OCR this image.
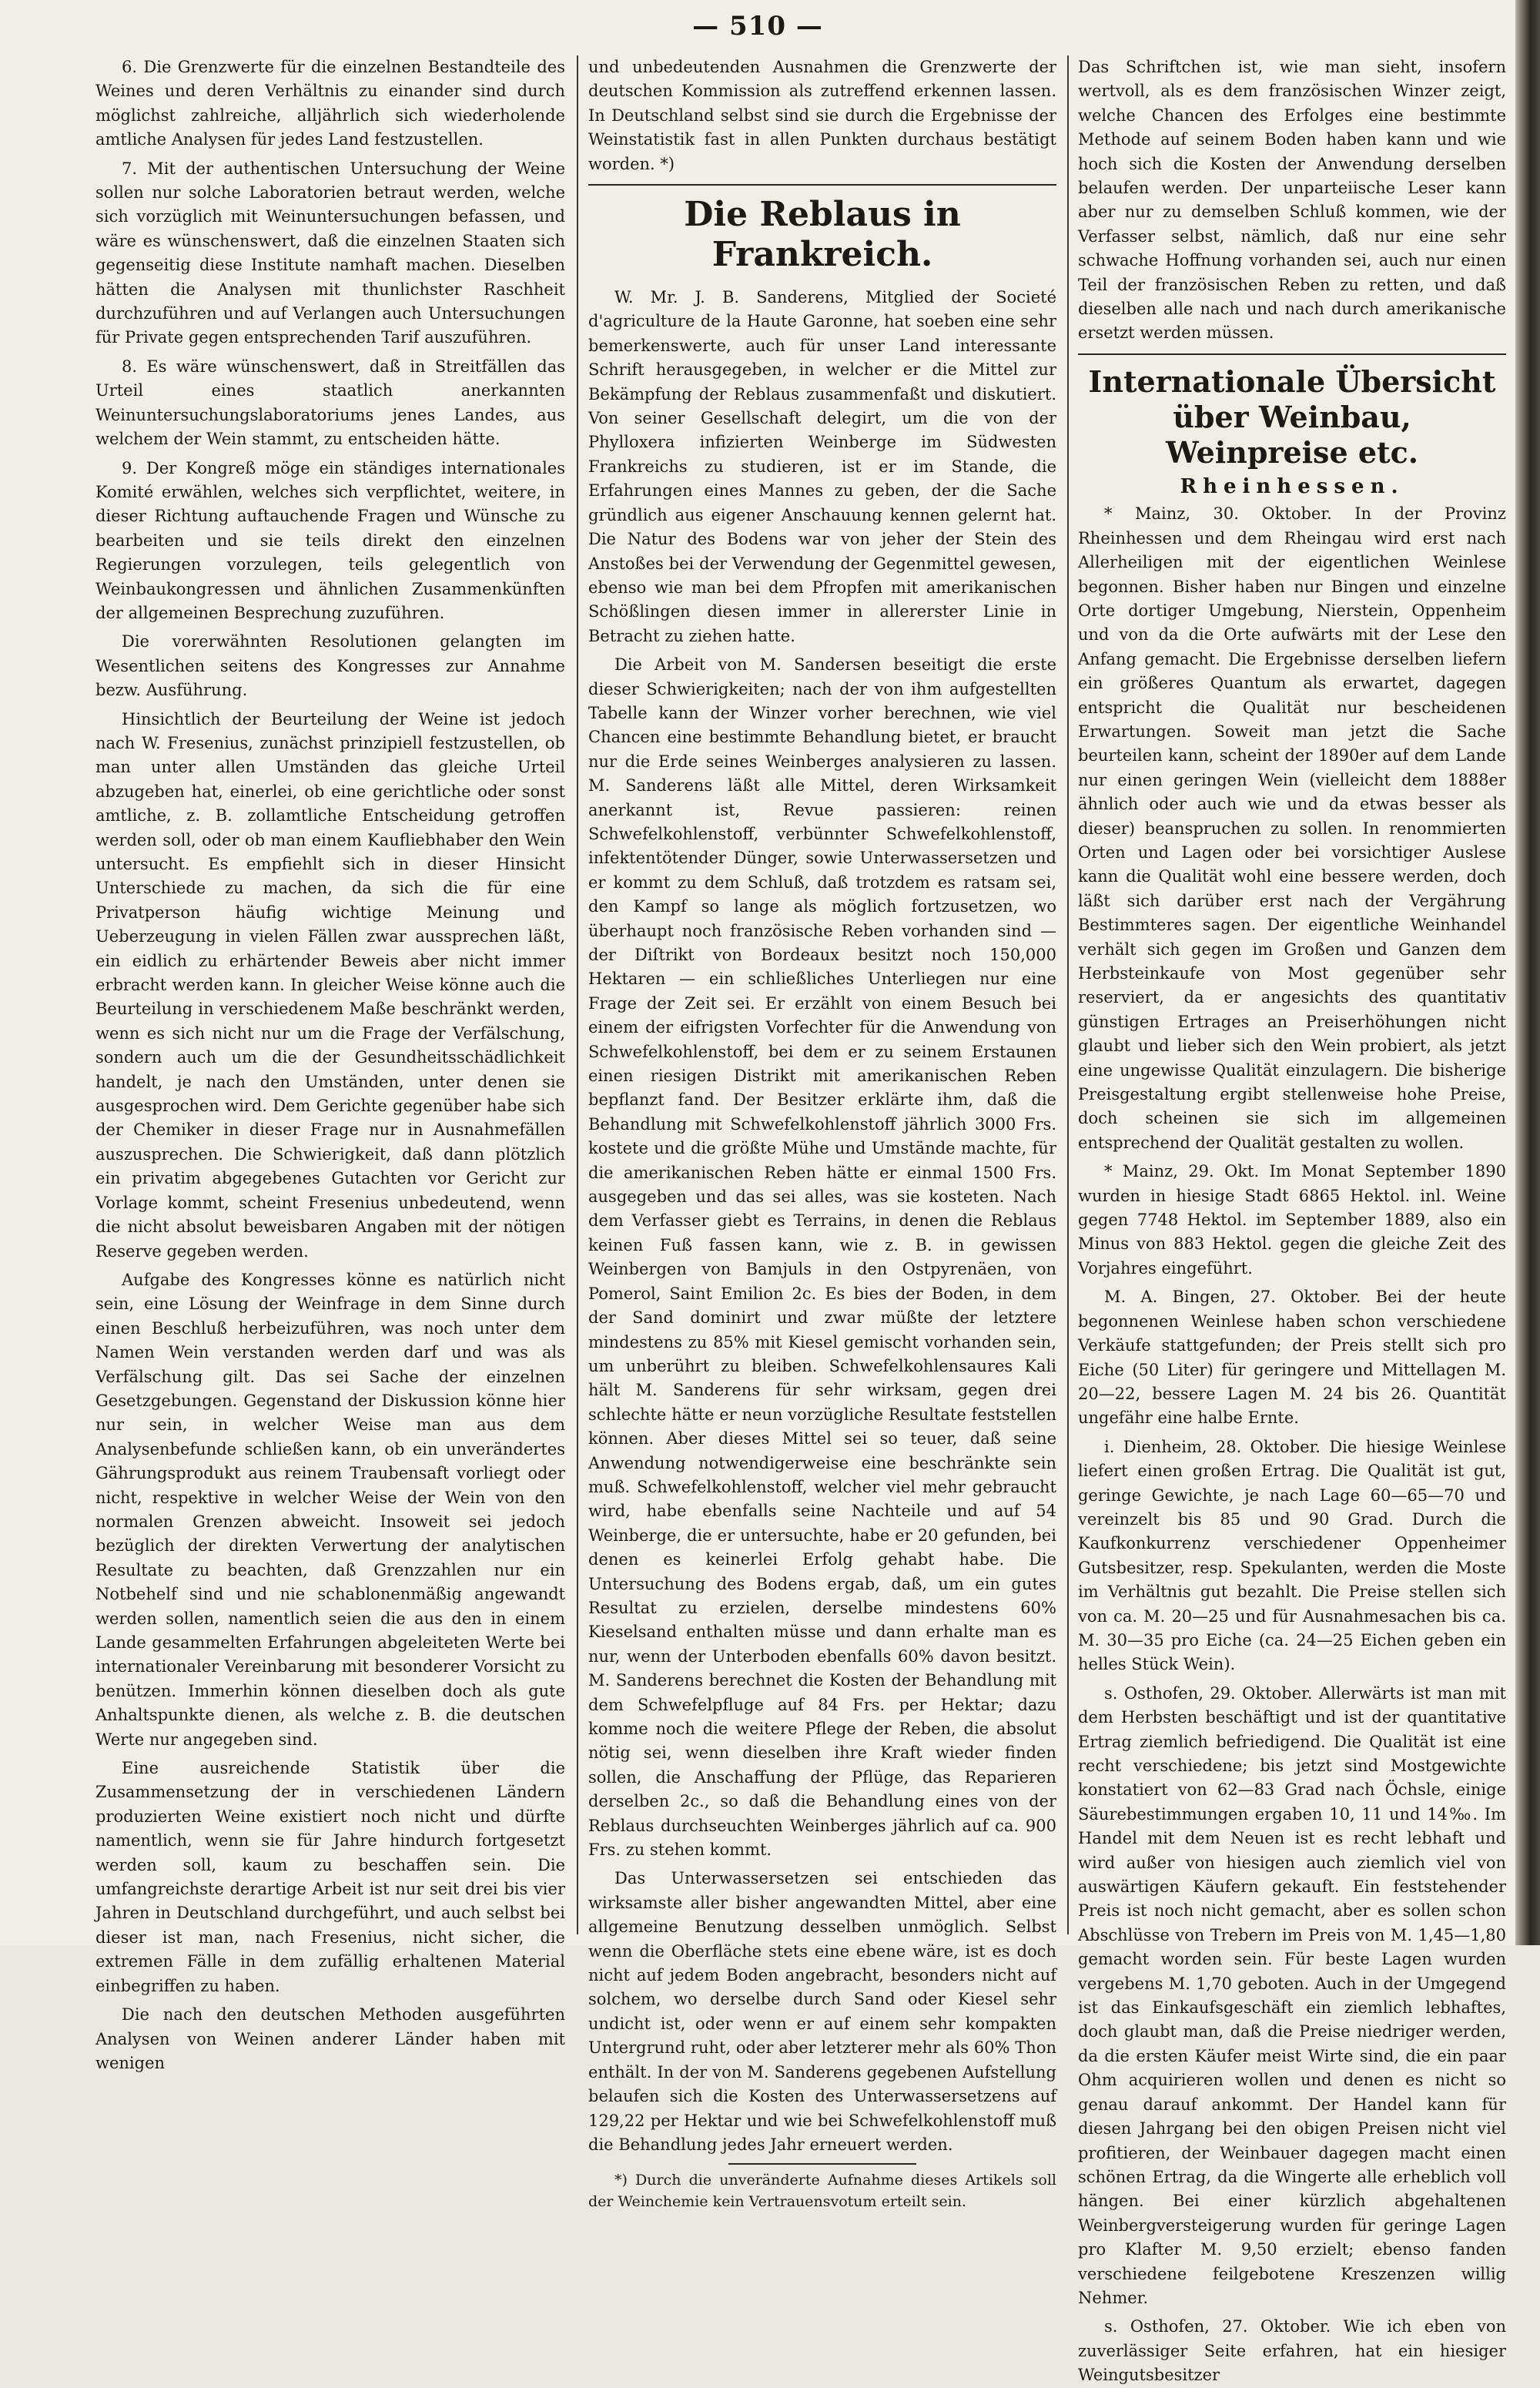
— 510 —

6. Die Grenzwerte für die einzelnen Bestandteile des Weines und deren Verhältnis zu einander sind durch möglichst zahlreiche, alljährlich sich wiederholende amtliche Analysen für jedes Land festzustellen.

7. Mit der authentischen Untersuchung der Weine sollen nur solche Laboratorien betraut werden, welche sich vorzüglich mit Weinuntersuchungen befassen, und wäre es wünschenswert, daß die einzelnen Staaten sich gegenseitig diese Institute namhaft machen. Dieselben hätten die Analysen mit thunlichster Raschheit durchzuführen und auf Verlangen auch Untersuchungen für Private gegen entsprechenden Tarif auszuführen.

8. Es wäre wünschenswert, daß in Streitfällen das Urteil eines staatlich anerkannten Weinuntersuchungslaboratoriums jenes Landes, aus welchem der Wein stammt, zu entscheiden hätte.

9. Der Kongreß möge ein ständiges internationales Komité erwählen, welches sich verpflichtet, weitere, in dieser Richtung auftauchende Fragen und Wünsche zu bearbeiten und sie teils direkt den einzelnen Regierungen vorzulegen, teils gelegentlich von Weinbaukongressen und ähnlichen Zusammenkünften der allgemeinen Besprechung zuzuführen.

Die vorerwähnten Resolutionen gelangten im Wesentlichen seitens des Kongresses zur Annahme bezw. Ausführung.

Hinsichtlich der Beurteilung der Weine ist jedoch nach W. Fresenius, zunächst prinzipiell festzustellen, ob man unter allen Umständen das gleiche Urteil abzugeben hat, einerlei, ob eine gerichtliche oder sonst amtliche, z. B. zollamtliche Entscheidung getroffen werden soll, oder ob man einem Kaufliebhaber den Wein untersucht. Es empfiehlt sich in dieser Hinsicht Unterschiede zu machen, da sich die für eine Privatperson häufig wichtige Meinung und Ueberzeugung in vielen Fällen zwar aussprechen läßt, ein eidlich zu erhärtender Beweis aber nicht immer erbracht werden kann. In gleicher Weise könne auch die Beurteilung in verschiedenem Maße beschränkt werden, wenn es sich nicht nur um die Frage der Verfälschung, sondern auch um die der Gesundheitsschädlichkeit handelt, je nach den Umständen, unter denen sie ausgesprochen wird. Dem Gerichte gegenüber habe sich der Chemiker in dieser Frage nur in Ausnahmefällen auszusprechen. Die Schwierigkeit, daß dann plötzlich ein privatim abgegebenes Gutachten vor Gericht zur Vorlage kommt, scheint Fresenius unbedeutend, wenn die nicht absolut beweisbaren Angaben mit der nötigen Reserve gegeben werden.

Aufgabe des Kongresses könne es natürlich nicht sein, eine Lösung der Weinfrage in dem Sinne durch einen Beschluß herbeizuführen, was noch unter dem Namen Wein verstanden werden darf und was als Verfälschung gilt. Das sei Sache der einzelnen Gesetzgebungen. Gegenstand der Diskussion könne hier nur sein, in welcher Weise man aus dem Analysenbefunde schließen kann, ob ein unverändertes Gährungsprodukt aus reinem Traubensaft vorliegt oder nicht, respektive in welcher Weise der Wein von den normalen Grenzen abweicht. Insoweit sei jedoch bezüglich der direkten Verwertung der analytischen Resultate zu beachten, daß Grenzzahlen nur ein Notbehelf sind und nie schablonenmäßig angewandt werden sollen, namentlich seien die aus den in einem Lande gesammelten Erfahrungen abgeleiteten Werte bei internationaler Vereinbarung mit besonderer Vorsicht zu benützen. Immerhin können dieselben doch als gute Anhaltspunkte dienen, als welche z. B. die deutschen Werte nur angegeben sind.

Eine ausreichende Statistik über die Zusammensetzung der in verschiedenen Ländern produzierten Weine existiert noch nicht und dürfte namentlich, wenn sie für Jahre hindurch fortgesetzt werden soll, kaum zu beschaffen sein. Die umfangreichste derartige Arbeit ist nur seit drei bis vier Jahren in Deutschland durchgeführt, und auch selbst bei dieser ist man, nach Fresenius, nicht sicher, die extremen Fälle in dem zufällig erhaltenen Material einbegriffen zu haben.

Die nach den deutschen Methoden ausgeführten Analysen von Weinen anderer Länder haben mit wenigen

und unbedeutenden Ausnahmen die Grenzwerte der deutschen Kommission als zutreffend erkennen lassen. In Deutschland selbst sind sie durch die Ergebnisse der Weinstatistik fast in allen Punkten durchaus bestätigt worden. *)

Die Reblaus in Frankreich.

W. Mr. J. B. Sanderens, Mitglied der Societé d'agriculture de la Haute Garonne, hat soeben eine sehr bemerkenswerte, auch für unser Land interessante Schrift herausgegeben, in welcher er die Mittel zur Bekämpfung der Reblaus zusammenfaßt und diskutiert. Von seiner Gesellschaft delegirt, um die von der Phylloxera infizierten Weinberge im Südwesten Frankreichs zu studieren, ist er im Stande, die Erfahrungen eines Mannes zu geben, der die Sache gründlich aus eigener Anschauung kennen gelernt hat. Die Natur des Bodens war von jeher der Stein des Anstoßes bei der Verwendung der Gegenmittel gewesen, ebenso wie man bei dem Pfropfen mit amerikanischen Schößlingen diesen immer in allererster Linie in Betracht zu ziehen hatte.

Die Arbeit von M. Sandersen beseitigt die erste dieser Schwierigkeiten; nach der von ihm aufgestellten Tabelle kann der Winzer vorher berechnen, wie viel Chancen eine bestimmte Behandlung bietet, er braucht nur die Erde seines Weinberges analysieren zu lassen. M. Sanderens läßt alle Mittel, deren Wirksamkeit anerkannt ist, Revue passieren: reinen Schwefelkohlenstoff, verbünnter Schwefelkohlenstoff, infektentötender Dünger, sowie Unterwassersetzen und er kommt zu dem Schluß, daß trotzdem es ratsam sei, den Kampf so lange als möglich fortzusetzen, wo überhaupt noch französische Reben vorhanden sind — der Diſtrikt von Bordeaux besitzt noch 150,000 Hektaren — ein schließliches Unterliegen nur eine Frage der Zeit sei. Er erzählt von einem Besuch bei einem der eifrigsten Vorfechter für die Anwendung von Schwefelkohlenstoff, bei dem er zu seinem Erstaunen einen riesigen Distrikt mit amerikanischen Reben bepflanzt fand. Der Besitzer erklärte ihm, daß die Behandlung mit Schwefelkohlenstoff jährlich 3000 Frs. kostete und die größte Mühe und Umstände machte, für die amerikanischen Reben hätte er einmal 1500 Frs. ausgegeben und das sei alles, was sie kosteten. Nach dem Verfasser giebt es Terrains, in denen die Reblaus keinen Fuß fassen kann, wie z. B. in gewissen Weinbergen von Bamjuls in den Ostpyrenäen, von Pomerol, Saint Emilion 2c. Es bies der Boden, in dem der Sand dominirt und zwar müßte der letztere mindestens zu 85% mit Kiesel gemischt vorhanden sein, um unberührt zu bleiben. Schwefelkohlensaures Kali hält M. Sanderens für sehr wirksam, gegen drei schlechte hätte er neun vorzügliche Resultate feststellen können. Aber dieses Mittel sei so teuer, daß seine Anwendung notwendigerweise eine beschränkte sein muß. Schwefelkohlenstoff, welcher viel mehr gebraucht wird, habe ebenfalls seine Nachteile und auf 54 Weinberge, die er untersuchte, habe er 20 gefunden, bei denen es keinerlei Erfolg gehabt habe. Die Untersuchung des Bodens ergab, daß, um ein gutes Resultat zu erzielen, derselbe mindestens 60% Kieselsand enthalten müsse und dann erhalte man es nur, wenn der Unterboden ebenfalls 60% davon besitzt. M. Sanderens berechnet die Kosten der Behandlung mit dem Schwefelpfluge auf 84 Frs. per Hektar; dazu komme noch die weitere Pflege der Reben, die absolut nötig sei, wenn dieselben ihre Kraft wieder finden sollen, die Anschaffung der Pflüge, das Reparieren derselben 2c., so daß die Behandlung eines von der Reblaus durchseuchten Weinberges jährlich auf ca. 900 Frs. zu stehen kommt.

Das Unterwassersetzen sei entschieden das wirksamste aller bisher angewandten Mittel, aber eine allgemeine Benutzung desselben unmöglich. Selbst wenn die Oberfläche stets eine ebene wäre, ist es doch nicht auf jedem Boden angebracht, besonders nicht auf solchem, wo derselbe durch Sand oder Kiesel sehr undicht ist, oder wenn er auf einem sehr kompakten Untergrund ruht, oder aber letzterer mehr als 60% Thon enthält. In der von M. Sanderens gegebenen Aufstellung belaufen sich die Kosten des Unterwassersetzens auf 129,22 per Hektar und wie bei Schwefelkohlenstoff muß die Behandlung jedes Jahr erneuert werden.

*) Durch die unveränderte Aufnahme dieses Artikels soll der Weinchemie kein Vertrauensvotum erteilt sein.

Das Schriftchen ist, wie man sieht, insofern wertvoll, als es dem französischen Winzer zeigt, welche Chancen des Erfolges eine bestimmte Methode auf seinem Boden haben kann und wie hoch sich die Kosten der Anwendung derselben belaufen werden. Der unparteiische Leser kann aber nur zu demselben Schluß kommen, wie der Verfasser selbst, nämlich, daß nur eine sehr schwache Hoffnung vorhanden sei, auch nur einen Teil der französischen Reben zu retten, und daß dieselben alle nach und nach durch amerikanische ersetzt werden müssen.

Internationale Übersicht über Weinbau, Weinpreise etc.
Rheinhessen.

* Mainz, 30. Oktober. In der Provinz Rheinhessen und dem Rheingau wird erst nach Allerheiligen mit der eigentlichen Weinlese begonnen. Bisher haben nur Bingen und einzelne Orte dortiger Umgebung, Nierstein, Oppenheim und von da die Orte aufwärts mit der Lese den Anfang gemacht. Die Ergebnisse derselben liefern ein größeres Quantum als erwartet, dagegen entspricht die Qualität nur bescheidenen Erwartungen. Soweit man jetzt die Sache beurteilen kann, scheint der 1890er auf dem Lande nur einen geringen Wein (vielleicht dem 1888er ähnlich oder auch wie und da etwas besser als dieser) beanspruchen zu sollen. In renommierten Orten und Lagen oder bei vorsichtiger Auslese kann die Qualität wohl eine bessere werden, doch läßt sich darüber erst nach der Vergährung Bestimmteres sagen. Der eigentliche Weinhandel verhält sich gegen im Großen und Ganzen dem Herbsteinkaufe von Most gegenüber sehr reserviert, da er angesichts des quantitativ günstigen Ertrages an Preiserhöhungen nicht glaubt und lieber sich den Wein probiert, als jetzt eine ungewisse Qualität einzulagern. Die bisherige Preisgestaltung ergibt stellenweise hohe Preise, doch scheinen sie sich im allgemeinen entsprechend der Qualität gestalten zu wollen.

* Mainz, 29. Okt. Im Monat September 1890 wurden in hiesige Stadt 6865 Hektol. inl. Weine gegen 7748 Hektol. im September 1889, also ein Minus von 883 Hektol. gegen die gleiche Zeit des Vorjahres eingeführt.

M. A. Bingen, 27. Oktober. Bei der heute begonnenen Weinlese haben schon verschiedene Verkäufe stattgefunden; der Preis stellt sich pro Eiche (50 Liter) für geringere und Mittellagen M. 20—22, bessere Lagen M. 24 bis 26. Quantität ungefähr eine halbe Ernte.

i. Dienheim, 28. Oktober. Die hiesige Weinlese liefert einen großen Ertrag. Die Qualität ist gut, geringe Gewichte, je nach Lage 60—65—70 und vereinzelt bis 85 und 90 Grad. Durch die Kaufkonkurrenz verschiedener Oppenheimer Gutsbesitzer, resp. Spekulanten, werden die Moste im Verhältnis gut bezahlt. Die Preise stellen sich von ca. M. 20—25 und für Ausnahmesachen bis ca. M. 30—35 pro Eiche (ca. 24—25 Eichen geben ein helles Stück Wein).

s. Osthofen, 29. Oktober. Allerwärts ist man mit dem Herbsten beschäftigt und ist der quantitative Ertrag ziemlich befriedigend. Die Qualität ist eine recht verschiedene; bis jetzt sind Mostgewichte konstatiert von 62—83 Grad nach Öchsle, einige Säurebestimmungen ergaben 10, 11 und 14‰. Im Handel mit dem Neuen ist es recht lebhaft und wird außer von hiesigen auch ziemlich viel von auswärtigen Käufern gekauft. Ein feststehender Preis ist noch nicht gemacht, aber es sollen schon Abschlüsse von Trebern im Preis von M. 1,45—1,80 gemacht worden sein. Für beste Lagen wurden vergebens M. 1,70 geboten. Auch in der Umgegend ist das Einkaufsgeschäft ein ziemlich lebhaftes, doch glaubt man, daß die Preise niedriger werden, da die ersten Käufer meist Wirte sind, die ein paar Ohm acquirieren wollen und denen es nicht so genau darauf ankommt. Der Handel kann für diesen Jahrgang bei den obigen Preisen nicht viel profitieren, der Weinbauer dagegen macht einen schönen Ertrag, da die Wingerte alle erheblich voll hängen. Bei einer kürzlich abgehaltenen Weinbergversteigerung wurden für geringe Lagen pro Klafter M. 9,50 erzielt; ebenso fanden verschiedene feilgebotene Kreszenzen willig Nehmer.

s. Osthofen, 27. Oktober. Wie ich eben von zuverlässiger Seite erfahren, hat ein hiesiger Weingutsbesitzer
